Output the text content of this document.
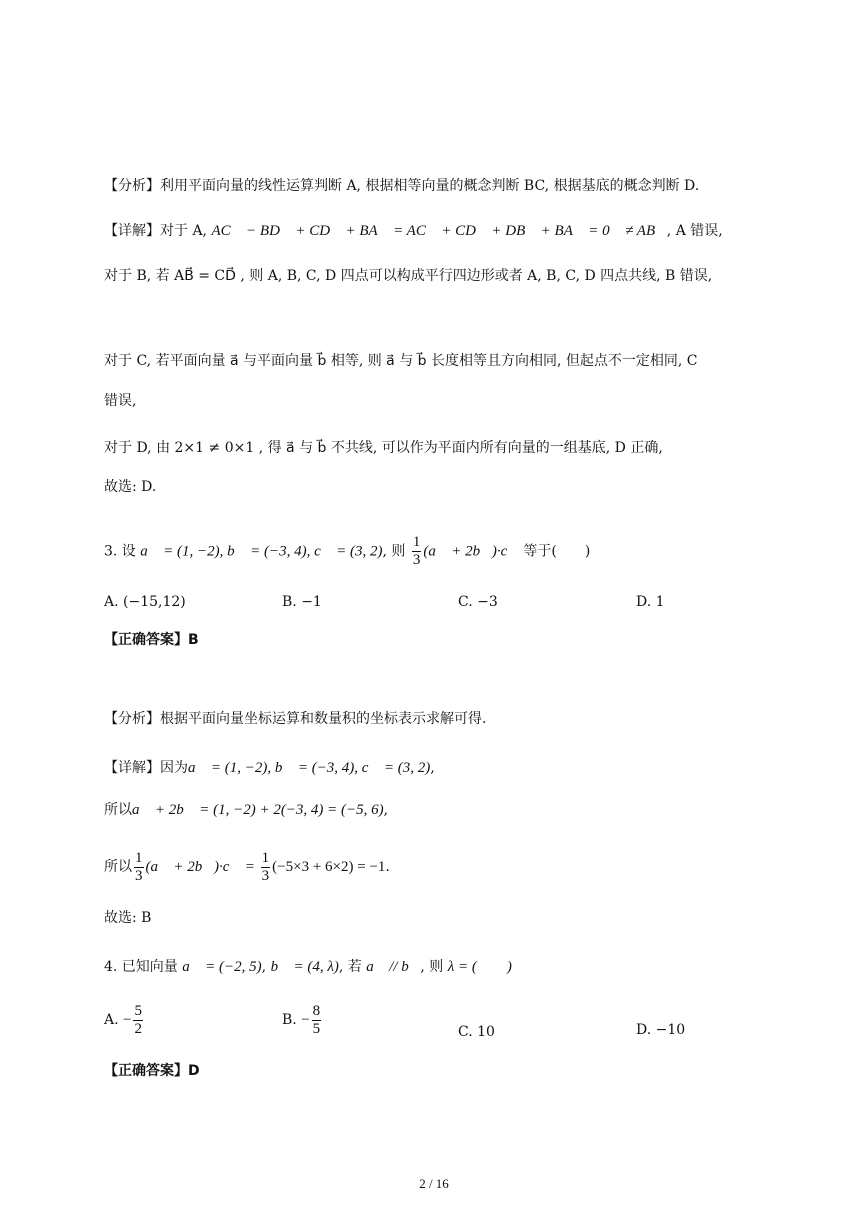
【分析】利用平面向量的线性运算判断 A, 根据相等向量的概念判断 BC, 根据基底的概念判断 D.
【详解】对于 A, AC⃗ − BD⃗ + CD⃗ + BA⃗ = AC⃗ + CD⃗ + DB⃗ + BA⃗ = 0⃗ ≠ AB⃗, A 错误,
对于 B, 若 AB⃗ = CD⃗ , 则 A, B, C, D 四点可以构成平行四边形或者 A, B, C, D 四点共线, B 错误,
对于 C, 若平面向量 a⃗ 与平面向量 b⃗ 相等, 则 a⃗ 与 b⃗ 长度相等且方向相同, 但起点不一定相同, C
错误,
对于 D, 由 2×1 ≠ 0×1 , 得 a⃗ 与 b⃗ 不共线, 可以作为平面内所有向量的一组基底, D 正确,
故选: D.
3. 设 a⃗ = (1, −2), b⃗ = (−3, 4), c⃗ = (3, 2), 则 $\frac{1}{3}$ (a⃗ + 2b⃗)·c⃗ 等于(　　)
A. (−15,12)	B. −1	C. −3	D. 1
【正确答案】B
【分析】根据平面向量坐标运算和数量积的坐标表示求解可得.
【详解】因为a⃗ = (1, −2), b⃗ = (−3, 4), c⃗ = (3, 2),
所以a⃗ + 2b⃗ = (1, −2) + 2(−3, 4) = (−5, 6),
所以 $\frac{1}{3}$ (a⃗ + 2b⃗)·c⃗ = $\frac{1}{3} (-5\times 3 + 6\times 2) = -1$.
故选: B
4. 已知向量 a⃗ = (−2, 5), b⃗ = (4, λ), 若 a⃗ // b⃗, 则 λ = (　　)
A. − $\frac{5}{2}$	B. − $\frac{8}{5}$	C. 10	D. −10
【正确答案】D
2 / 16
